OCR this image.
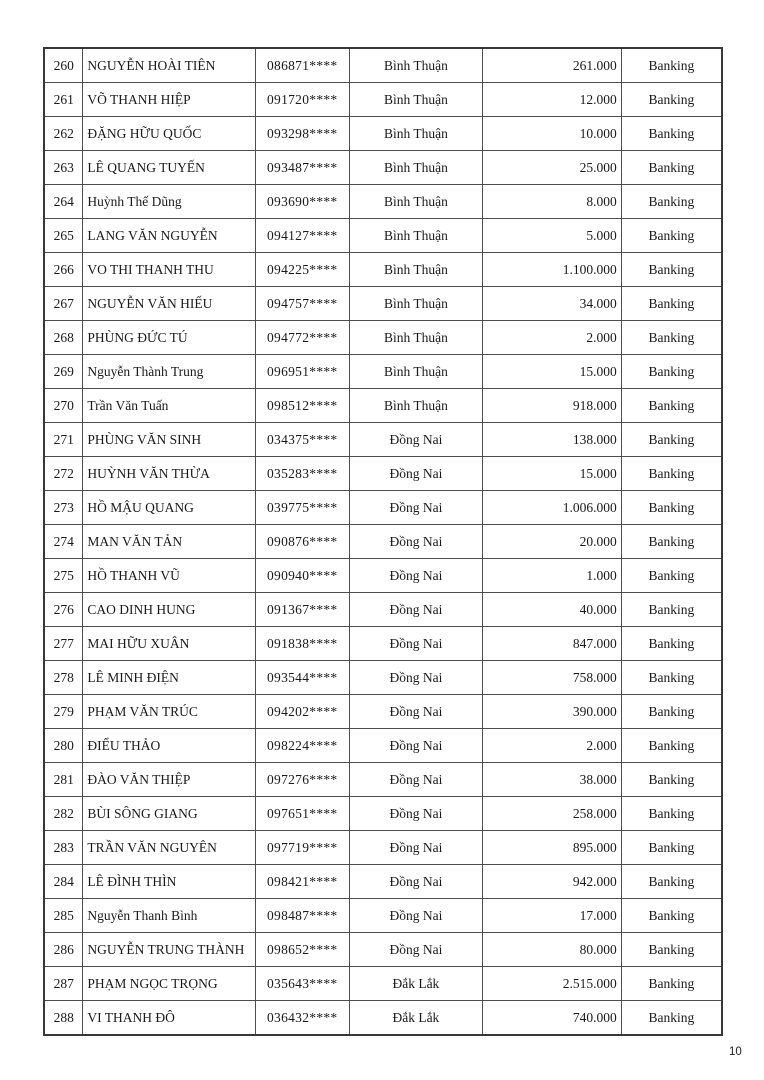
260	NGUYỄN HOÀI TIÊN	086871****	Bình Thuận	261.000	Banking
261	VÕ THANH HIỆP	091720****	Bình Thuận	12.000	Banking
262	ĐẶNG HỮU QUỐC	093298****	Bình Thuận	10.000	Banking
263	LÊ QUANG TUYẾN	093487****	Bình Thuận	25.000	Banking
264	Huỳnh Thế Dũng	093690****	Bình Thuận	8.000	Banking
265	LANG VĂN NGUYỄN	094127****	Bình Thuận	5.000	Banking
266	VO THI THANH THU	094225****	Bình Thuận	1.100.000	Banking
267	NGUYỄN VĂN HIẾU	094757****	Bình Thuận	34.000	Banking
268	PHÙNG ĐỨC TÚ	094772****	Bình Thuận	2.000	Banking
269	Nguyễn Thành Trung	096951****	Bình Thuận	15.000	Banking
270	Trần Văn Tuấn	098512****	Bình Thuận	918.000	Banking
271	PHÙNG VĂN SINH	034375****	Đồng Nai	138.000	Banking
272	HUỲNH VĂN THỪA	035283****	Đồng Nai	15.000	Banking
273	HỒ MẬU QUANG	039775****	Đồng Nai	1.006.000	Banking
274	MAN VĂN TẢN	090876****	Đồng Nai	20.000	Banking
275	HỒ THANH VŨ	090940****	Đồng Nai	1.000	Banking
276	CAO DINH HUNG	091367****	Đồng Nai	40.000	Banking
277	MAI HỮU XUÂN	091838****	Đồng Nai	847.000	Banking
278	LÊ MINH ĐIỆN	093544****	Đồng Nai	758.000	Banking
279	PHẠM VĂN TRÚC	094202****	Đồng Nai	390.000	Banking
280	ĐIỂU THẢO	098224****	Đồng Nai	2.000	Banking
281	ĐÀO VĂN THIỆP	097276****	Đồng Nai	38.000	Banking
282	BÙI SÔNG GIANG	097651****	Đồng Nai	258.000	Banking
283	TRẦN VĂN NGUYÊN	097719****	Đồng Nai	895.000	Banking
284	LÊ ĐÌNH THÌN	098421****	Đồng Nai	942.000	Banking
285	Nguyễn Thanh Bình	098487****	Đồng Nai	17.000	Banking
286	NGUYỄN TRUNG THÀNH	098652****	Đồng Nai	80.000	Banking
287	PHẠM NGỌC TRỌNG	035643****	Đắk Lắk	2.515.000	Banking
288	VI THANH ĐÔ	036432****	Đắk Lắk	740.000	Banking
10
